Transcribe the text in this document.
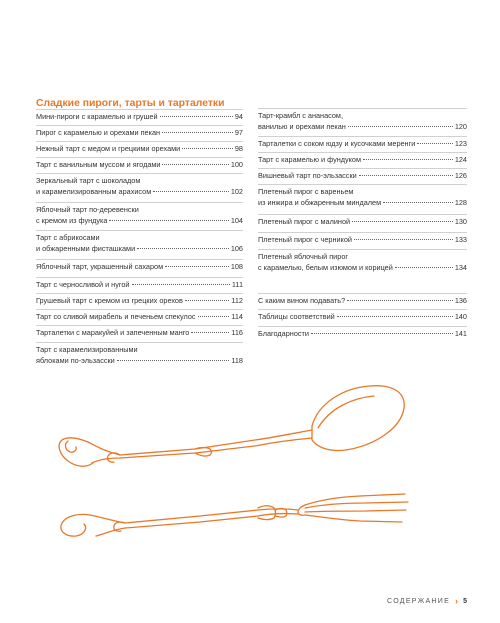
Сладкие пироги, тарты и тарталетки
Мини-пироги с карамелью и грушей	94
Пирог с карамелью и орехами пекан	97
Нежный тарт с медом и грецкими орехами	98
Тарт с ванильным муссом и ягодами	100
Зеркальный тарт с шоколадом
и карамелизированным арахисом	102
Яблочный тарт по-деревенски
с кремом из фундука	104
Тарт с абрикосами
и обжаренными фисташками	106
Яблочный тарт, украшенный сахаром	108
Тарт с черносливой и нугой	111
Грушевый тарт с кремом из грецких орехов	112
Тарт со сливой мирабель и печеньем спекулос	114
Тарталетки с маракуйей и запеченным манго	116
Тарт с карамелизированными
яблоками по-эльзасски	118
Тарт-крамбл с ананасом,
ванилью и орехами пекан	120
Тарталетки с соком юдзу и кусочками меренги	123
Тарт с карамелью и фундуком	124
Вишневый тарт по-эльзасски	126
Плетеный пирог с вареньем
из инжира и обжаренным миндалем	128
Плетеный пирог с малиной	130
Плетеный пирог с черникой	133
Плетеный яблочный пирог
с карамелью, белым изюмом и корицей	134
С каким вином подавать?	136
Таблицы соответствий	140
Благодарности	141
СОДЕРЖАНИЕ › 5
